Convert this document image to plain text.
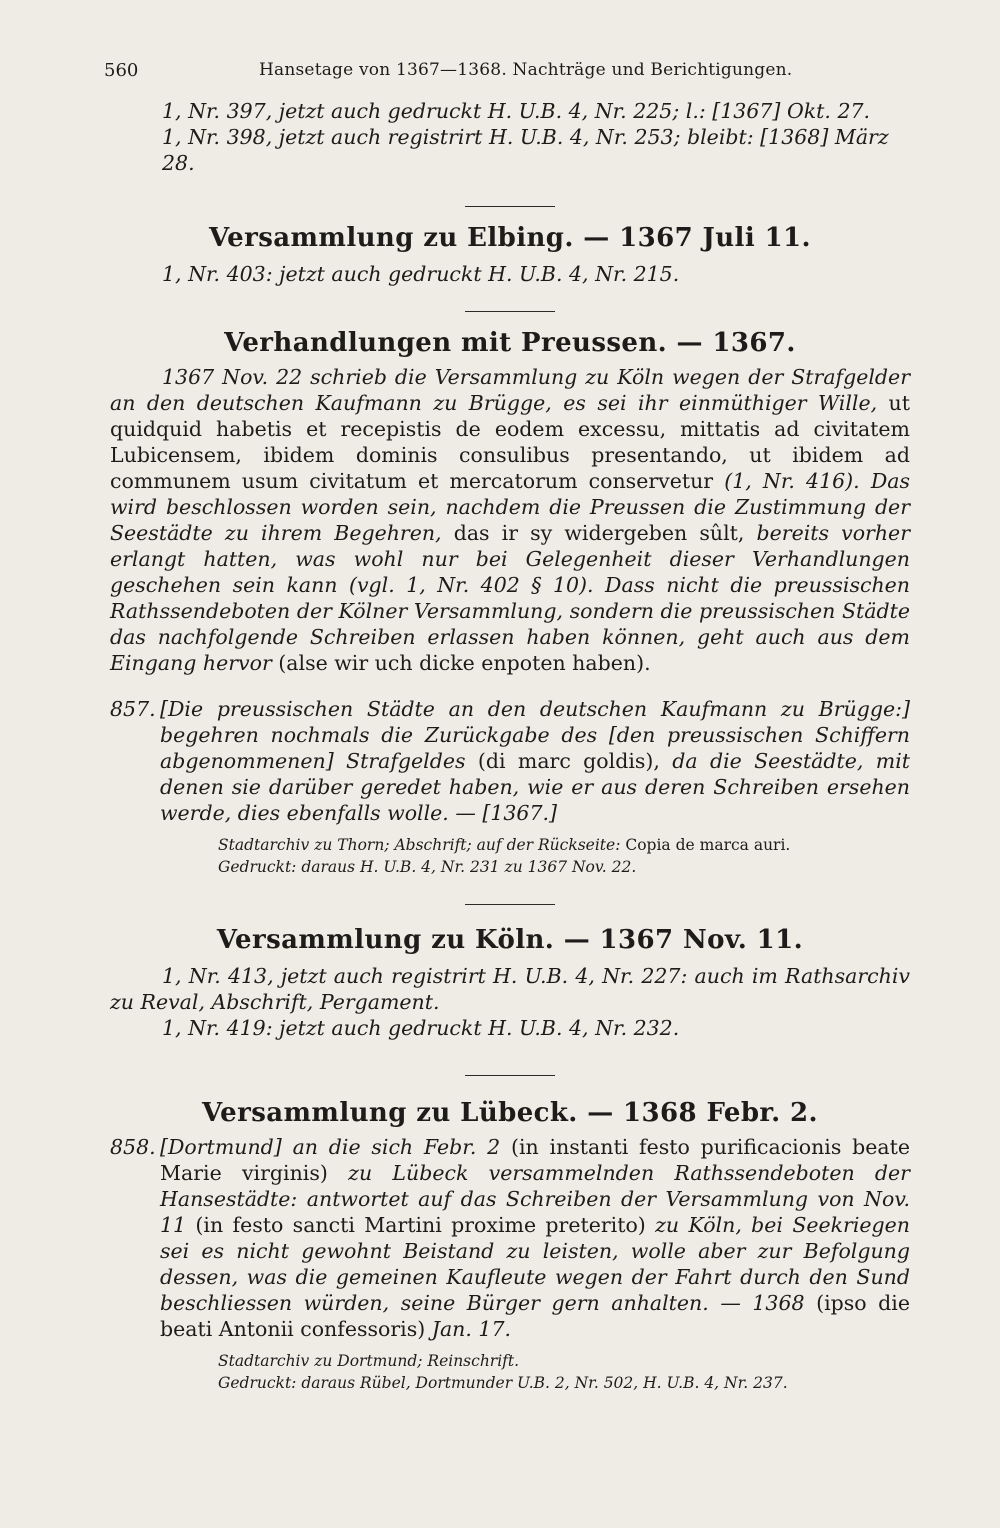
560	Hansetage von 1367—1368. Nachträge und Berichtigungen.

1, Nr. 397, jetzt auch gedruckt H. U.B. 4, Nr. 225; l.: [1367] Okt. 27.

1, Nr. 398, jetzt auch registrirt H. U.B. 4, Nr. 253; bleibt: [1368] März 28.

Versammlung zu Elbing. — 1367 Juli 11.

1, Nr. 403: jetzt auch gedruckt H. U.B. 4, Nr. 215.

Verhandlungen mit Preussen. — 1367.

1367 Nov. 22 schrieb die Versammlung zu Köln wegen der Strafgelder an den deutschen Kaufmann zu Brügge, es sei ihr einmüthiger Wille, ut quidquid habetis et recepistis de eodem excessu, mittatis ad civitatem Lubicensem, ibidem dominis consulibus presentando, ut ibidem ad communem usum civitatum et mercatorum conservetur (1, Nr. 416). Das wird beschlossen worden sein, nachdem die Preussen die Zustimmung der Seestädte zu ihrem Begehren, das ir sy widergeben sûlt, bereits vorher erlangt hatten, was wohl nur bei Gelegenheit dieser Verhandlungen geschehen sein kann (vgl. 1, Nr. 402 § 10). Dass nicht die preussischen Rathssendeboten der Kölner Versammlung, sondern die preussischen Städte das nachfolgende Schreiben erlassen haben können, geht auch aus dem Eingang hervor (alse wir uch dicke enpoten haben).

857. [Die preussischen Städte an den deutschen Kaufmann zu Brügge:] begehren nochmals die Zurückgabe des [den preussischen Schiffern abgenommenen] Strafgeldes (di marc goldis), da die Seestädte, mit denen sie darüber geredet haben, wie er aus deren Schreiben ersehen werde, dies ebenfalls wolle. — [1367.]
Stadtarchiv zu Thorn; Abschrift; auf der Rückseite: Copia de marca auri.
Gedruckt: daraus H. U.B. 4, Nr. 231 zu 1367 Nov. 22.
Versammlung zu Köln. — 1367 Nov. 11.

1, Nr. 413, jetzt auch registrirt H. U.B. 4, Nr. 227: auch im Rathsarchiv zu Reval, Abschrift, Pergament.

1, Nr. 419: jetzt auch gedruckt H. U.B. 4, Nr. 232.

Versammlung zu Lübeck. — 1368 Febr. 2.
858. [Dortmund] an die sich Febr. 2 (in instanti festo purificacionis beate Marie virginis) zu Lübeck versammelnden Rathssendeboten der Hansestädte: antwortet auf das Schreiben der Versammlung von Nov. 11 (in festo sancti Martini proxime preterito) zu Köln, bei Seekriegen sei es nicht gewohnt Beistand zu leisten, wolle aber zur Befolgung dessen, was die gemeinen Kaufleute wegen der Fahrt durch den Sund beschliessen würden, seine Bürger gern anhalten. — 1368 (ipso die beati Antonii confessoris) Jan. 17.
Stadtarchiv zu Dortmund; Reinschrift.
Gedruckt: daraus Rübel, Dortmunder U.B. 2, Nr. 502, H. U.B. 4, Nr. 237.
